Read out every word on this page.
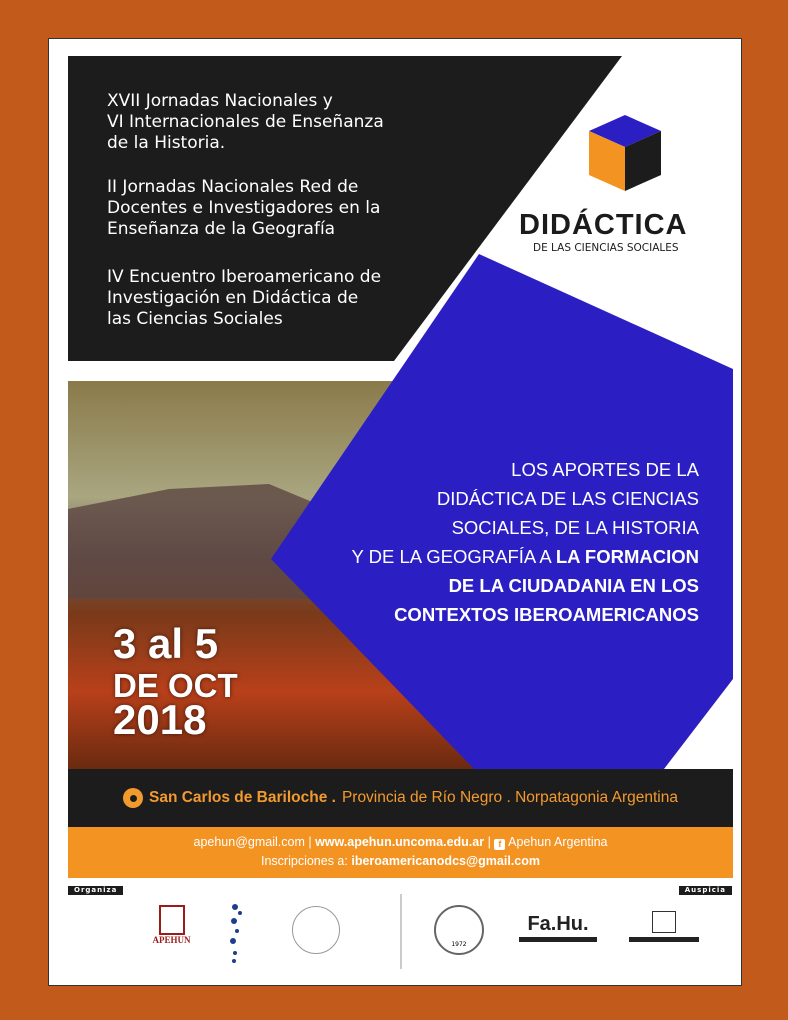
XVII Jornadas Nacionales y
VI Internacionales de Enseñanza
de la Historia.
II Jornadas Nacionales Red de
Docentes e Investigadores en la
Enseñanza de la Geografía
IV Encuentro Iberoamericano de
Investigación en Didáctica de
las Ciencias Sociales
DIDÁCTICA
DE LAS CIENCIAS SOCIALES
LOS APORTES DE LA
DIDÁCTICA DE LAS CIENCIAS
SOCIALES, DE LA HISTORIA
Y DE LA GEOGRAFÍA A LA FORMACION
DE LA CIUDADANIA EN LOS
CONTEXTOS IBEROAMERICANOS
3 al 5
DE OCT
2018
San Carlos de Bariloche . Provincia de Río Negro . Norpatagonia Argentina
apehun@gmail.com | www.apehun.uncoma.edu.ar | f Apehun Argentina
Inscripciones a: iberoamericanodcs@gmail.com
Organiza	Auspicia
APEHUN	1972
Fa.Hu.
